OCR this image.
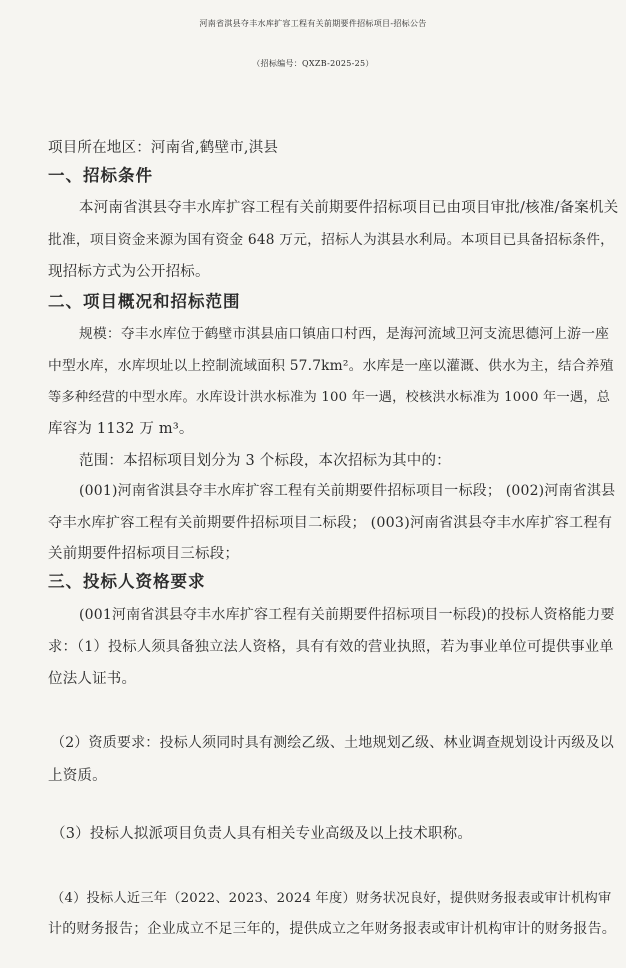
河南省淇县夺丰水库扩容工程有关前期要件招标项目-招标公告
（招标编号：QXZB-2025-25）
项目所在地区：河南省,鹤壁市,淇县
一、招标条件
本河南省淇县夺丰水库扩容工程有关前期要件招标项目已由项目审批/核准/备案机关
批准，项目资金来源为国有资金 648 万元，招标人为淇县水利局。本项目已具备招标条件，
现招标方式为公开招标。
二、项目概况和招标范围
规模：夺丰水库位于鹤壁市淇县庙口镇庙口村西，是海河流域卫河支流思德河上游一座
中型水库，水库坝址以上控制流域面积 57.7km²。水库是一座以灌溉、供水为主，结合养殖
等多种经营的中型水库。水库设计洪水标准为 100 年一遇，校核洪水标准为 1000 年一遇，总
库容为 1132 万 m³。
范围：本招标项目划分为 3 个标段，本次招标为其中的：
(001)河南省淇县夺丰水库扩容工程有关前期要件招标项目一标段； (002)河南省淇县
夺丰水库扩容工程有关前期要件招标项目二标段； (003)河南省淇县夺丰水库扩容工程有
关前期要件招标项目三标段；
三、投标人资格要求
(001河南省淇县夺丰水库扩容工程有关前期要件招标项目一标段)的投标人资格能力要
求：（1）投标人须具备独立法人资格，具有有效的营业执照，若为事业单位可提供事业单
位法人证书。
（2）资质要求：投标人须同时具有测绘乙级、土地规划乙级、林业调查规划设计丙级及以
上资质。
（3）投标人拟派项目负责人具有相关专业高级及以上技术职称。
（4）投标人近三年（2022、2023、2024 年度）财务状况良好，提供财务报表或审计机构审
计的财务报告；企业成立不足三年的，提供成立之年财务报表或审计机构审计的财务报告。
